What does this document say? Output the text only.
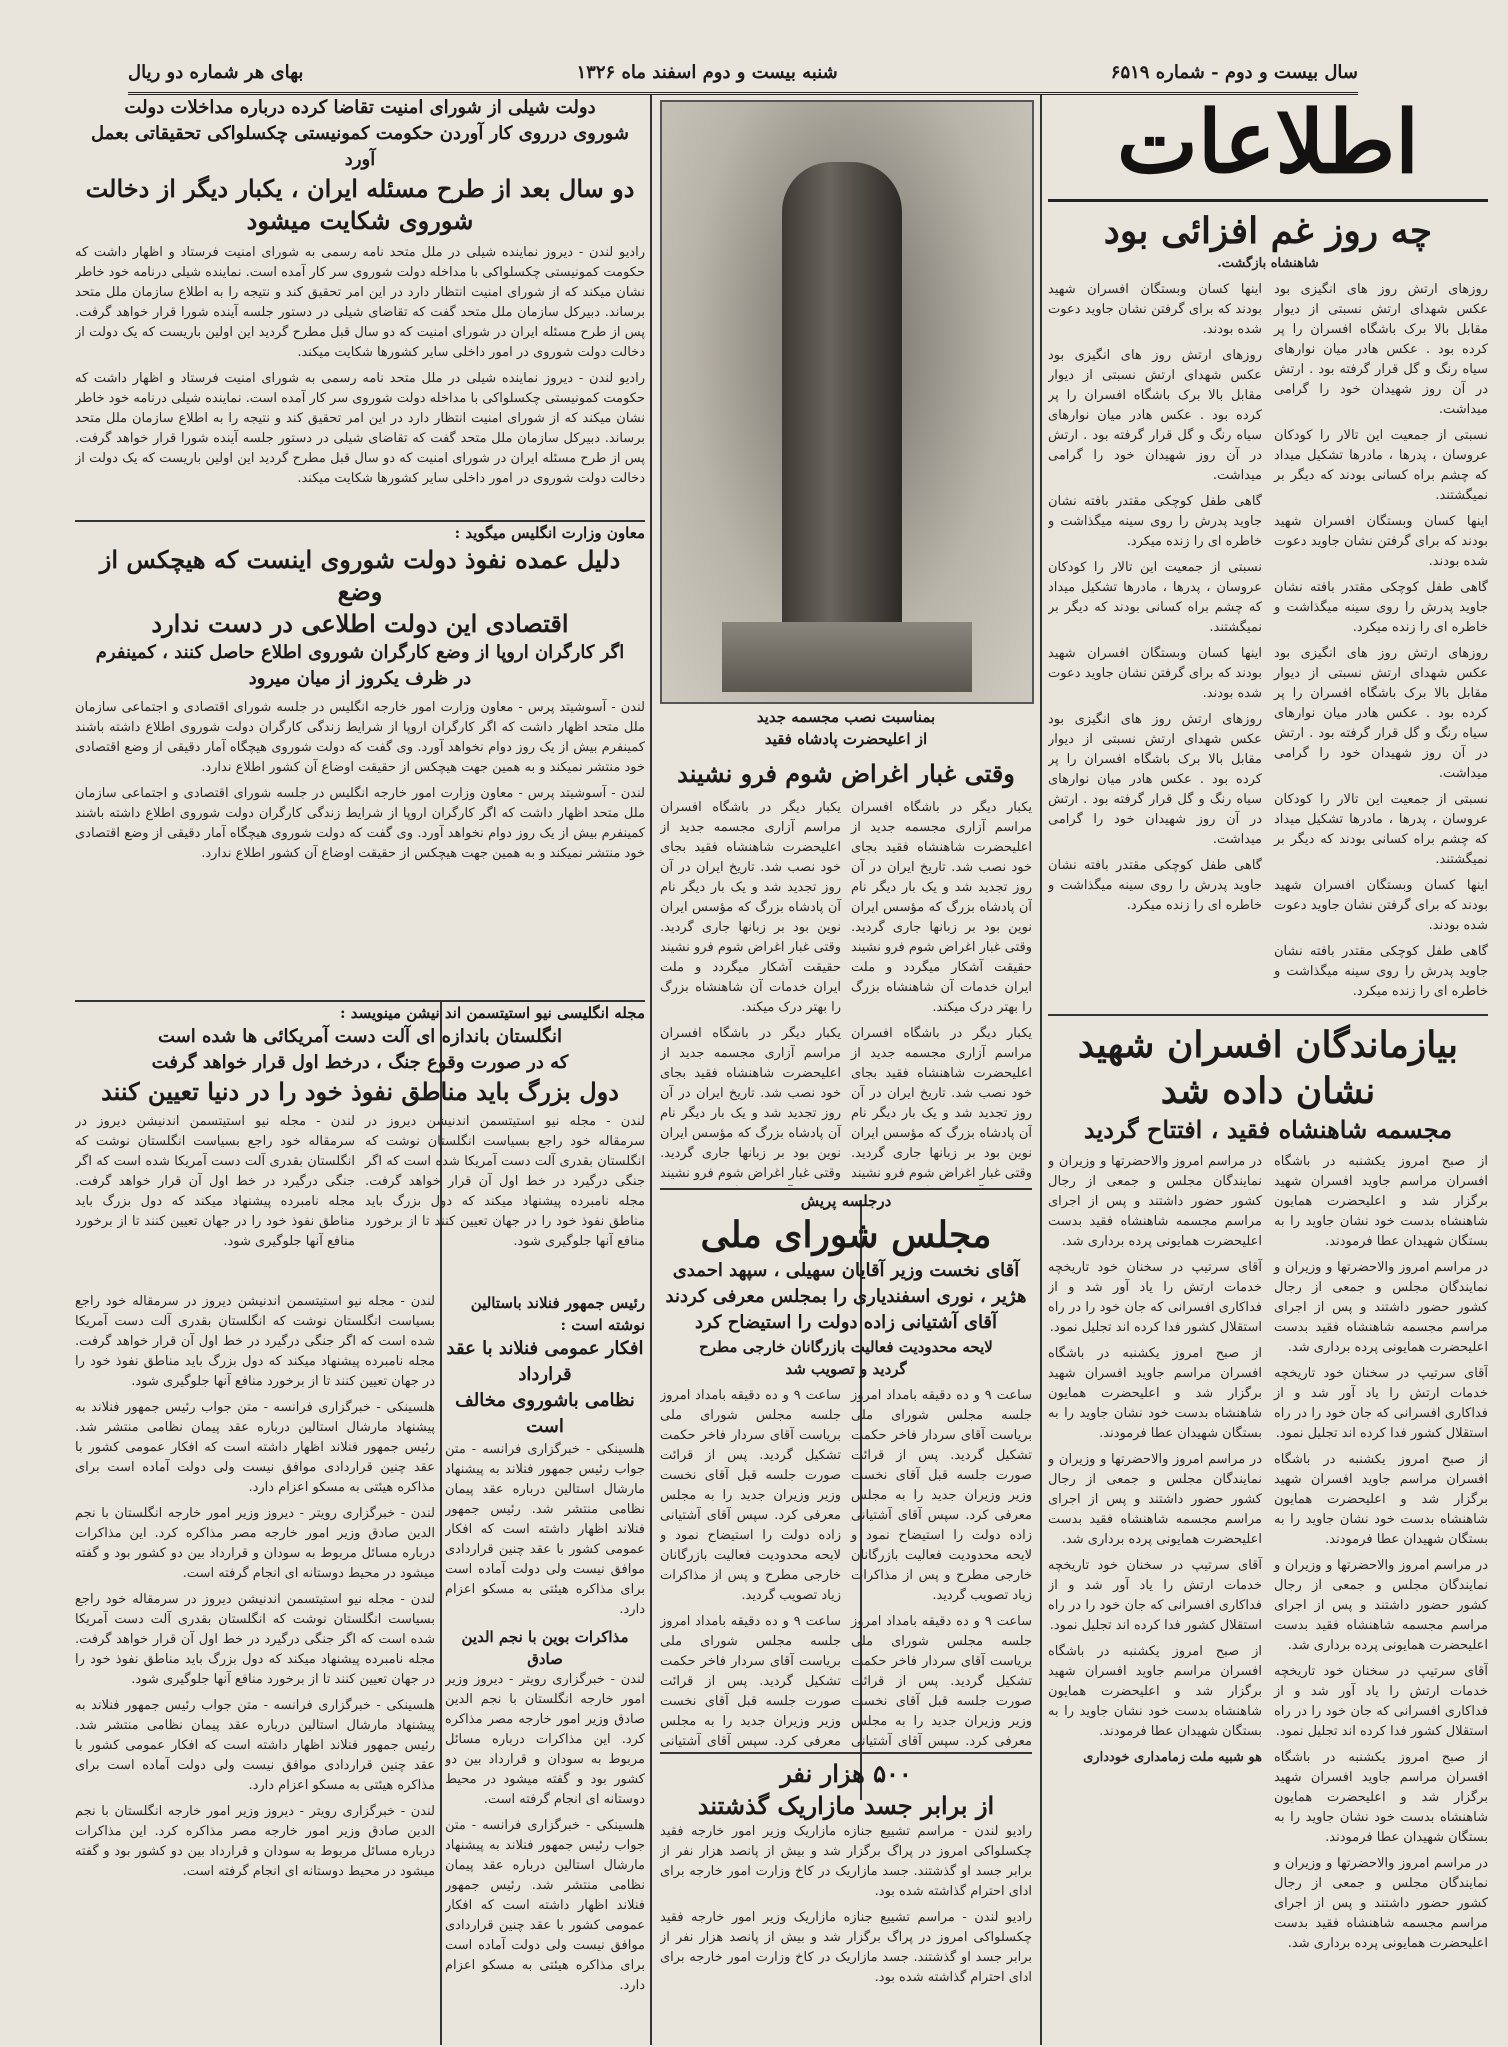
سال بیست و دوم - شماره ۶۵۱۹
شنبه بیست و دوم اسفند ماه ۱۳۲۶
بهای هر شماره دو ریال
اطلاعات
چه روز غم افزائی بود

شاهنشاه بازگشت.

روزهای ارتش روز های انگیزی بود عکس شهدای ارتش نسبتی از دیوار مقابل بالا برک باشگاه افسران را پر کرده بود . عکس هادر میان نوارهای سیاه رنگ و گل قرار گرفته بود . ارتش در آن روز شهیدان خود را گرامی میداشت.

نسبتی از جمعیت این تالار را کودکان عروسان ، پدرها ، مادرها تشکیل میداد که چشم براه کسانی بودند که دیگر بر نمیگشتند.

اینها کسان وبستگان افسران شهید بودند که برای گرفتن نشان جاوید دعوت شده بودند.

گاهی طفل کوچکی مقتدر بافته نشان جاوید پدرش را روی سینه میگذاشت و خاطره ای را زنده میکرد.

روزهای ارتش روز های انگیزی بود عکس شهدای ارتش نسبتی از دیوار مقابل بالا برک باشگاه افسران را پر کرده بود . عکس هادر میان نوارهای سیاه رنگ و گل قرار گرفته بود . ارتش در آن روز شهیدان خود را گرامی میداشت.

نسبتی از جمعیت این تالار را کودکان عروسان ، پدرها ، مادرها تشکیل میداد که چشم براه کسانی بودند که دیگر بر نمیگشتند.

اینها کسان وبستگان افسران شهید بودند که برای گرفتن نشان جاوید دعوت شده بودند.

گاهی طفل کوچکی مقتدر بافته نشان جاوید پدرش را روی سینه میگذاشت و خاطره ای را زنده میکرد.

اینها کسان وبستگان افسران شهید بودند که برای گرفتن نشان جاوید دعوت شده بودند.

روزهای ارتش روز های انگیزی بود عکس شهدای ارتش نسبتی از دیوار مقابل بالا برک باشگاه افسران را پر کرده بود . عکس هادر میان نوارهای سیاه رنگ و گل قرار گرفته بود . ارتش در آن روز شهیدان خود را گرامی میداشت.

گاهی طفل کوچکی مقتدر بافته نشان جاوید پدرش را روی سینه میگذاشت و خاطره ای را زنده میکرد.

نسبتی از جمعیت این تالار را کودکان عروسان ، پدرها ، مادرها تشکیل میداد که چشم براه کسانی بودند که دیگر بر نمیگشتند.

اینها کسان وبستگان افسران شهید بودند که برای گرفتن نشان جاوید دعوت شده بودند.

روزهای ارتش روز های انگیزی بود عکس شهدای ارتش نسبتی از دیوار مقابل بالا برک باشگاه افسران را پر کرده بود . عکس هادر میان نوارهای سیاه رنگ و گل قرار گرفته بود . ارتش در آن روز شهیدان خود را گرامی میداشت.

گاهی طفل کوچکی مقتدر بافته نشان جاوید پدرش را روی سینه میگذاشت و خاطره ای را زنده میکرد.

بیازماندگان افسران شهید
نشان داده شد
مجسمه شاهنشاه فقید ، افتتاح گردید

از صبح امروز یکشنبه در باشگاه افسران مراسم جاوید افسران شهید برگزار شد و اعلیحضرت همایون شاهنشاه بدست خود نشان جاوید را به بستگان شهیدان عطا فرمودند.

در مراسم امروز والاحضرتها و وزیران و نمایندگان مجلس و جمعی از رجال کشور حضور داشتند و پس از اجرای مراسم مجسمه شاهنشاه فقید بدست اعلیحضرت همایونی پرده برداری شد.

آقای سرتیپ در سخنان خود تاریخچه خدمات ارتش را یاد آور شد و از فداکاری افسرانی که جان خود را در راه استقلال کشور فدا کرده اند تجلیل نمود.

از صبح امروز یکشنبه در باشگاه افسران مراسم جاوید افسران شهید برگزار شد و اعلیحضرت همایون شاهنشاه بدست خود نشان جاوید را به بستگان شهیدان عطا فرمودند.

در مراسم امروز والاحضرتها و وزیران و نمایندگان مجلس و جمعی از رجال کشور حضور داشتند و پس از اجرای مراسم مجسمه شاهنشاه فقید بدست اعلیحضرت همایونی پرده برداری شد.

آقای سرتیپ در سخنان خود تاریخچه خدمات ارتش را یاد آور شد و از فداکاری افسرانی که جان خود را در راه استقلال کشور فدا کرده اند تجلیل نمود.

از صبح امروز یکشنبه در باشگاه افسران مراسم جاوید افسران شهید برگزار شد و اعلیحضرت همایون شاهنشاه بدست خود نشان جاوید را به بستگان شهیدان عطا فرمودند.

در مراسم امروز والاحضرتها و وزیران و نمایندگان مجلس و جمعی از رجال کشور حضور داشتند و پس از اجرای مراسم مجسمه شاهنشاه فقید بدست اعلیحضرت همایونی پرده برداری شد.

در مراسم امروز والاحضرتها و وزیران و نمایندگان مجلس و جمعی از رجال کشور حضور داشتند و پس از اجرای مراسم مجسمه شاهنشاه فقید بدست اعلیحضرت همایونی پرده برداری شد.

آقای سرتیپ در سخنان خود تاریخچه خدمات ارتش را یاد آور شد و از فداکاری افسرانی که جان خود را در راه استقلال کشور فدا کرده اند تجلیل نمود.

از صبح امروز یکشنبه در باشگاه افسران مراسم جاوید افسران شهید برگزار شد و اعلیحضرت همایون شاهنشاه بدست خود نشان جاوید را به بستگان شهیدان عطا فرمودند.

در مراسم امروز والاحضرتها و وزیران و نمایندگان مجلس و جمعی از رجال کشور حضور داشتند و پس از اجرای مراسم مجسمه شاهنشاه فقید بدست اعلیحضرت همایونی پرده برداری شد.

آقای سرتیپ در سخنان خود تاریخچه خدمات ارتش را یاد آور شد و از فداکاری افسرانی که جان خود را در راه استقلال کشور فدا کرده اند تجلیل نمود.

از صبح امروز یکشنبه در باشگاه افسران مراسم جاوید افسران شهید برگزار شد و اعلیحضرت همایون شاهنشاه بدست خود نشان جاوید را به بستگان شهیدان عطا فرمودند.

هو شبیه ملت زمامداری خودداری

بمناسبت نصب مجسمه جدید
از اعلیحضرت پادشاه فقید
وقتی غبار اغراض شوم فرو نشیند

یکبار دیگر در باشگاه افسران مراسم آزاری مجسمه جدید از اعلیحضرت شاهنشاه فقید بجای خود نصب شد. تاریخ ایران در آن روز تجدید شد و یک بار دیگر نام آن پادشاه بزرگ که مؤسس ایران نوین بود بر زبانها جاری گردید. وقتی غبار اغراض شوم فرو نشیند حقیقت آشکار میگردد و ملت ایران خدمات آن شاهنشاه بزرگ را بهتر درک میکند.

یکبار دیگر در باشگاه افسران مراسم آزاری مجسمه جدید از اعلیحضرت شاهنشاه فقید بجای خود نصب شد. تاریخ ایران در آن روز تجدید شد و یک بار دیگر نام آن پادشاه بزرگ که مؤسس ایران نوین بود بر زبانها جاری گردید. وقتی غبار اغراض شوم فرو نشیند

یکبار دیگر در باشگاه افسران مراسم آزاری مجسمه جدید از اعلیحضرت شاهنشاه فقید بجای خود نصب شد. تاریخ ایران در آن روز تجدید شد و یک بار دیگر نام آن پادشاه بزرگ که مؤسس ایران نوین بود بر زبانها جاری گردید. وقتی غبار اغراض شوم فرو نشیند حقیقت آشکار میگردد و ملت ایران خدمات آن شاهنشاه بزرگ را بهتر درک میکند.

یکبار دیگر در باشگاه افسران مراسم آزاری مجسمه جدید از اعلیحضرت شاهنشاه فقید بجای خود نصب شد. تاریخ ایران در آن روز تجدید شد و یک بار دیگر نام آن پادشاه بزرگ که مؤسس ایران نوین بود بر زبانها جاری گردید. وقتی غبار اغراض شوم فرو نشیند

درجلسه پریش
مجلس شورای ملی
آقای نخست وزیر آقایان سهیلی ، سپهد احمدی
هژیر ، نوری اسفندیاری را بمجلس معرفی کردند
آقای آشتیانی زاده دولت را استیضاح کرد
لایحه محدودیت فعالیت بازرگانان خارجی مطرح
گردید و تصویب شد

ساعت ۹ و ده دقیقه بامداد امروز جلسه مجلس شورای ملی بریاست آقای سردار فاخر حکمت تشکیل گردید. پس از قرائت صورت جلسه قبل آقای نخست وزیر وزیران جدید را به مجلس معرفی کرد. سپس آقای آشتیانی زاده دولت را استیضاح نمود و لایحه محدودیت فعالیت بازرگانان خارجی مطرح و پس از مذاکرات زیاد تصویب گردید.

ساعت ۹ و ده دقیقه بامداد امروز جلسه مجلس شورای ملی بریاست آقای سردار فاخر حکمت تشکیل گردید. پس از قرائت صورت جلسه قبل آقای نخست وزیر وزیران جدید را به مجلس معرفی کرد. سپس آقای آشتیانی

ساعت ۹ و ده دقیقه بامداد امروز جلسه مجلس شورای ملی بریاست آقای سردار فاخر حکمت تشکیل گردید. پس از قرائت صورت جلسه قبل آقای نخست وزیر وزیران جدید را به مجلس معرفی کرد. سپس آقای آشتیانی زاده دولت را استیضاح نمود و لایحه محدودیت فعالیت بازرگانان خارجی مطرح و پس از مذاکرات زیاد تصویب گردید.

ساعت ۹ و ده دقیقه بامداد امروز جلسه مجلس شورای ملی بریاست آقای سردار فاخر حکمت تشکیل گردید. پس از قرائت صورت جلسه قبل آقای نخست وزیر وزیران جدید را به مجلس معرفی کرد. سپس آقای آشتیانی

۵۰۰ هزار نفر
از برابر جسد مازاریک گذشتند

رادیو لندن - مراسم تشییع جنازه مازاریک وزیر امور خارجه فقید چکسلواکی امروز در پراگ برگزار شد و بیش از پانصد هزار نفر از برابر جسد او گذشتند. جسد مازاریک در کاخ وزارت امور خارجه برای ادای احترام گذاشته شده بود.

رادیو لندن - مراسم تشییع جنازه مازاریک وزیر امور خارجه فقید چکسلواکی امروز در پراگ برگزار شد و بیش از پانصد هزار نفر از برابر جسد او گذشتند. جسد مازاریک در کاخ وزارت امور خارجه برای ادای احترام گذاشته شده بود.

دولت شیلی از شورای امنیت تقاضا کرده درباره مداخلات دولت
شوروی درروی کار آوردن حکومت کمونیستی چکسلواکی تحقیقاتی بعمل آورد
دو سال بعد از طرح مسئله ایران ، یکبار دیگر از دخالت
شوروی شکایت میشود

رادیو لندن - دیروز نماینده شیلی در ملل متحد نامه رسمی به شورای امنیت فرستاد و اظهار داشت که حکومت کمونیستی چکسلواکی با مداخله دولت شوروی سر کار آمده است. نماینده شیلی درنامه خود خاطر نشان میکند که از شورای امنیت انتظار دارد در این امر تحقیق کند و نتیجه را به اطلاع سازمان ملل متحد برساند. دبیرکل سازمان ملل متحد گفت که تقاضای شیلی در دستور جلسه آینده شورا قرار خواهد گرفت. پس از طرح مسئله ایران در شورای امنیت که دو سال قبل مطرح گردید این اولین باریست که یک دولت از دخالت دولت شوروی در امور داخلی سایر کشورها شکایت میکند.

رادیو لندن - دیروز نماینده شیلی در ملل متحد نامه رسمی به شورای امنیت فرستاد و اظهار داشت که حکومت کمونیستی چکسلواکی با مداخله دولت شوروی سر کار آمده است. نماینده شیلی درنامه خود خاطر نشان میکند که از شورای امنیت انتظار دارد در این امر تحقیق کند و نتیجه را به اطلاع سازمان ملل متحد برساند. دبیرکل سازمان ملل متحد گفت که تقاضای شیلی در دستور جلسه آینده شورا قرار خواهد گرفت. پس از طرح مسئله ایران در شورای امنیت که دو سال قبل مطرح گردید این اولین باریست که یک دولت از دخالت دولت شوروی در امور داخلی سایر کشورها شکایت میکند.

معاون وزارت انگلیس میگوید :
دلیل عمده نفوذ دولت شوروی اینست که هیچکس از وضع
اقتصادی این دولت اطلاعی در دست ندارد
اگر کارگران اروپا از وضع کارگران شوروی اطلاع حاصل کنند ، کمینفرم
در ظرف یکروز از میان میرود

لندن - آسوشیتد پرس - معاون وزارت امور خارجه انگلیس در جلسه شورای اقتصادی و اجتماعی سازمان ملل متحد اظهار داشت که اگر کارگران اروپا از شرایط زندگی کارگران دولت شوروی اطلاع داشته باشند کمینفرم بیش از یک روز دوام نخواهد آورد. وی گفت که دولت شوروی هیچگاه آمار دقیقی از وضع اقتصادی خود منتشر نمیکند و به همین جهت هیچکس از حقیقت اوضاع آن کشور اطلاع ندارد.

لندن - آسوشیتد پرس - معاون وزارت امور خارجه انگلیس در جلسه شورای اقتصادی و اجتماعی سازمان ملل متحد اظهار داشت که اگر کارگران اروپا از شرایط زندگی کارگران دولت شوروی اطلاع داشته باشند کمینفرم بیش از یک روز دوام نخواهد آورد. وی گفت که دولت شوروی هیچگاه آمار دقیقی از وضع اقتصادی خود منتشر نمیکند و به همین جهت هیچکس از حقیقت اوضاع آن کشور اطلاع ندارد.

مجله انگلیسی نیو استیتسمن اند نیشن مینویسد :
انگلستان باندازه ای آلت دست آمریکائی ها شده است
که در صورت وقوع جنگ ، درخط اول قرار خواهد گرفت
دول بزرگ باید مناطق نفوذ خود را در دنیا تعیین کنند

لندن - مجله نیو استیتسمن اندنیشن دیروز در سرمقاله خود راجع بسیاست انگلستان نوشت که انگلستان بقدری آلت دست آمریکا شده است که اگر جنگی درگیرد در خط اول آن قرار خواهد گرفت. مجله نامبرده پیشنهاد میکند که دول بزرگ باید مناطق نفوذ خود را در جهان تعیین کنند تا از برخورد منافع آنها جلوگیری شود.

لندن - مجله نیو استیتسمن اندنیشن دیروز در سرمقاله خود راجع بسیاست انگلستان نوشت که انگلستان بقدری آلت دست آمریکا شده است که اگر جنگی درگیرد در خط اول آن قرار خواهد گرفت. مجله نامبرده پیشنهاد میکند که دول بزرگ باید مناطق نفوذ خود را در جهان تعیین کنند تا از برخورد منافع آنها جلوگیری شود.

رئیس جمهور فنلاند باستالین نوشته است :
افکار عمومی فنلاند با عقد قرارداد
نظامی باشوروی مخالف است

هلسینکی - خبرگزاری فرانسه - متن جواب رئیس جمهور فنلاند به پیشنهاد مارشال استالین درباره عقد پیمان نظامی منتشر شد. رئیس جمهور فنلاند اظهار داشته است که افکار عمومی کشور با عقد چنین قراردادی موافق نیست ولی دولت آماده است برای مذاکره هیئتی به مسکو اعزام دارد.

مذاکرات بوین با نجم الدین صادق

لندن - خبرگزاری رویتر - دیروز وزیر امور خارجه انگلستان با نجم الدین صادق وزیر امور خارجه مصر مذاکره کرد. این مذاکرات درباره مسائل مربوط به سودان و قرارداد بین دو کشور بود و گفته میشود در محیط دوستانه ای انجام گرفته است.

هلسینکی - خبرگزاری فرانسه - متن جواب رئیس جمهور فنلاند به پیشنهاد مارشال استالین درباره عقد پیمان نظامی منتشر شد. رئیس جمهور فنلاند اظهار داشته است که افکار عمومی کشور با عقد چنین قراردادی موافق نیست ولی دولت آماده است برای مذاکره هیئتی به مسکو اعزام دارد.

لندن - مجله نیو استیتسمن اندنیشن دیروز در سرمقاله خود راجع بسیاست انگلستان نوشت که انگلستان بقدری آلت دست آمریکا شده است که اگر جنگی درگیرد در خط اول آن قرار خواهد گرفت. مجله نامبرده پیشنهاد میکند که دول بزرگ باید مناطق نفوذ خود را در جهان تعیین کنند تا از برخورد منافع آنها جلوگیری شود.

هلسینکی - خبرگزاری فرانسه - متن جواب رئیس جمهور فنلاند به پیشنهاد مارشال استالین درباره عقد پیمان نظامی منتشر شد. رئیس جمهور فنلاند اظهار داشته است که افکار عمومی کشور با عقد چنین قراردادی موافق نیست ولی دولت آماده است برای مذاکره هیئتی به مسکو اعزام دارد.

لندن - خبرگزاری رویتر - دیروز وزیر امور خارجه انگلستان با نجم الدین صادق وزیر امور خارجه مصر مذاکره کرد. این مذاکرات درباره مسائل مربوط به سودان و قرارداد بین دو کشور بود و گفته میشود در محیط دوستانه ای انجام گرفته است.

لندن - مجله نیو استیتسمن اندنیشن دیروز در سرمقاله خود راجع بسیاست انگلستان نوشت که انگلستان بقدری آلت دست آمریکا شده است که اگر جنگی درگیرد در خط اول آن قرار خواهد گرفت. مجله نامبرده پیشنهاد میکند که دول بزرگ باید مناطق نفوذ خود را در جهان تعیین کنند تا از برخورد منافع آنها جلوگیری شود.

هلسینکی - خبرگزاری فرانسه - متن جواب رئیس جمهور فنلاند به پیشنهاد مارشال استالین درباره عقد پیمان نظامی منتشر شد. رئیس جمهور فنلاند اظهار داشته است که افکار عمومی کشور با عقد چنین قراردادی موافق نیست ولی دولت آماده است برای مذاکره هیئتی به مسکو اعزام دارد.

لندن - خبرگزاری رویتر - دیروز وزیر امور خارجه انگلستان با نجم الدین صادق وزیر امور خارجه مصر مذاکره کرد. این مذاکرات درباره مسائل مربوط به سودان و قرارداد بین دو کشور بود و گفته میشود در محیط دوستانه ای انجام گرفته است.
